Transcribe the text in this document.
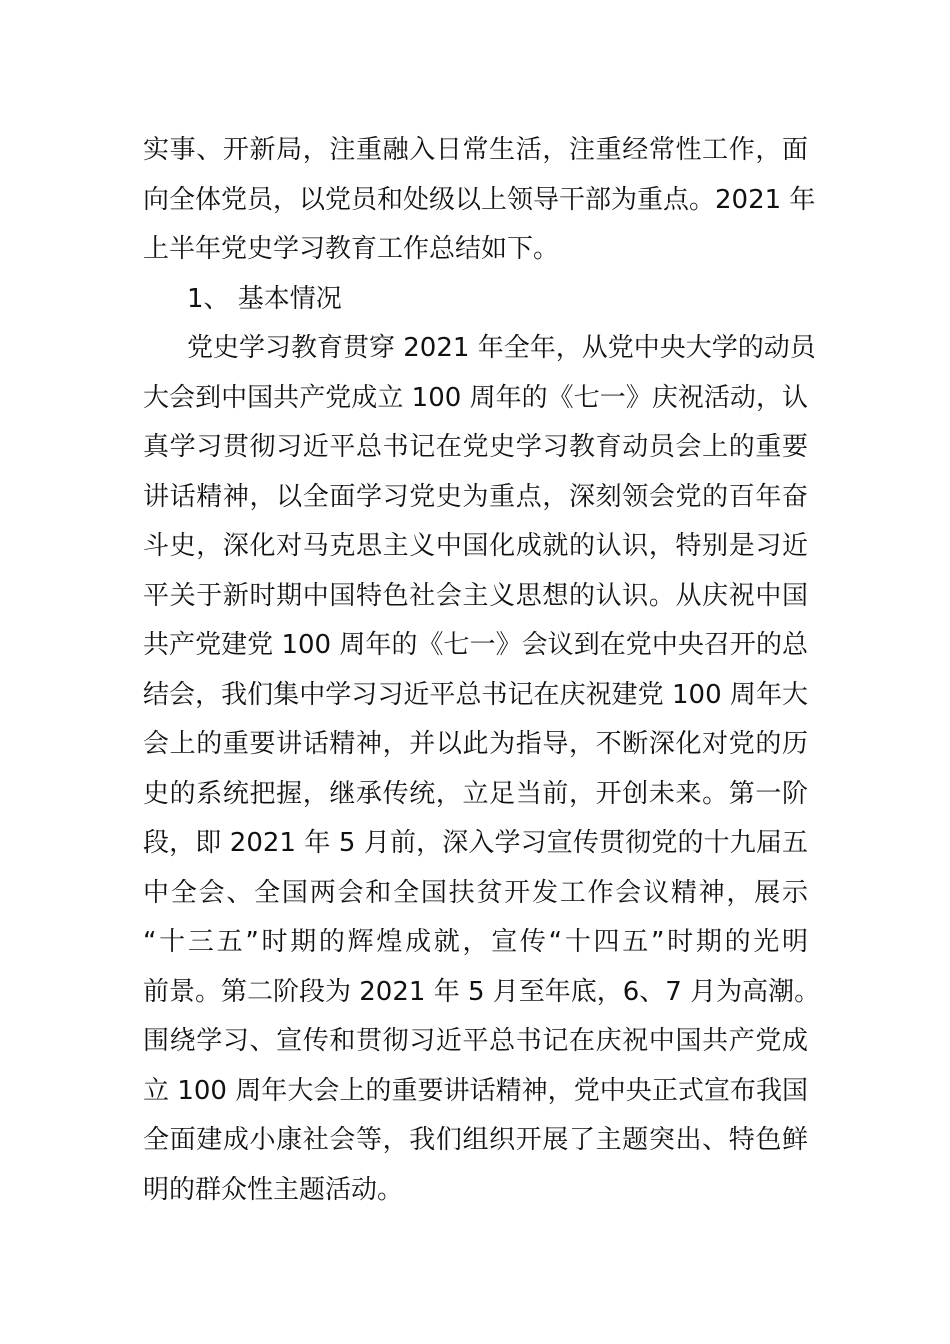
实事、开新局，注重融入日常生活，注重经常性工作，面
向全体党员，以党员和处级以上领导干部为重点。2021 年
上半年党史学习教育工作总结如下。
1、 基本情况
党史学习教育贯穿 2021 年全年，从党中央大学的动员
大会到中国共产党成立 100 周年的《七一》庆祝活动，认
真学习贯彻习近平总书记在党史学习教育动员会上的重要
讲话精神，以全面学习党史为重点，深刻领会党的百年奋
斗史，深化对马克思主义中国化成就的认识，特别是习近
平关于新时期中国特色社会主义思想的认识。从庆祝中国
共产党建党 100 周年的《七一》会议到在党中央召开的总
结会，我们集中学习习近平总书记在庆祝建党 100 周年大
会上的重要讲话精神，并以此为指导，不断深化对党的历
史的系统把握，继承传统，立足当前，开创未来。第一阶
段，即 2021 年 5 月前，深入学习宣传贯彻党的十九届五
中全会、全国两会和全国扶贫开发工作会议精神，展示
“十三五”时期的辉煌成就，宣传“十四五”时期的光明
前景。第二阶段为 2021 年 5 月至年底，6、7 月为高潮。
围绕学习、宣传和贯彻习近平总书记在庆祝中国共产党成
立 100 周年大会上的重要讲话精神，党中央正式宣布我国
全面建成小康社会等，我们组织开展了主题突出、特色鲜
明的群众性主题活动。
